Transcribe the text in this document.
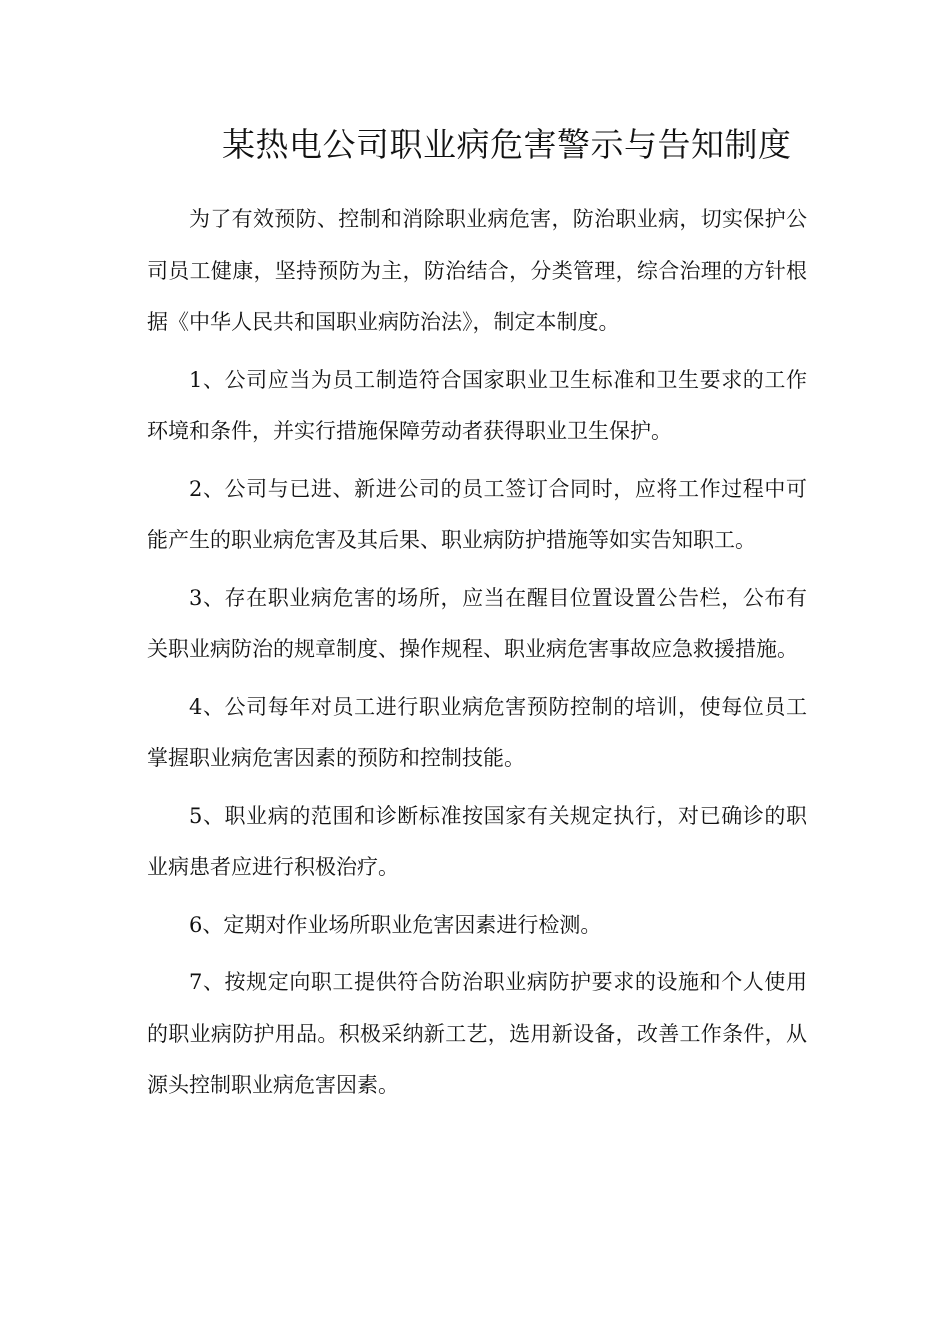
某热电公司职业病危害警示与告知制度

为了有效预防、控制和消除职业病危害，防治职业病，切实保护公司员工健康，坚持预防为主，防治结合，分类管理，综合治理的方针根据《中华人民共和国职业病防治法》，制定本制度。

1、公司应当为员工制造符合国家职业卫生标准和卫生要求的工作环境和条件，并实行措施保障劳动者获得职业卫生保护。

2、公司与已进、新进公司的员工签订合同时，应将工作过程中可能产生的职业病危害及其后果、职业病防护措施等如实告知职工。

3、存在职业病危害的场所，应当在醒目位置设置公告栏，公布有关职业病防治的规章制度、操作规程、职业病危害事故应急救援措施。

4、公司每年对员工进行职业病危害预防控制的培训，使每位员工掌握职业病危害因素的预防和控制技能。

5、职业病的范围和诊断标准按国家有关规定执行，对已确诊的职业病患者应进行积极治疗。

6、定期对作业场所职业危害因素进行检测。

7、按规定向职工提供符合防治职业病防护要求的设施和个人使用的职业病防护用品。积极采纳新工艺，选用新设备，改善工作条件，从源头控制职业病危害因素。
